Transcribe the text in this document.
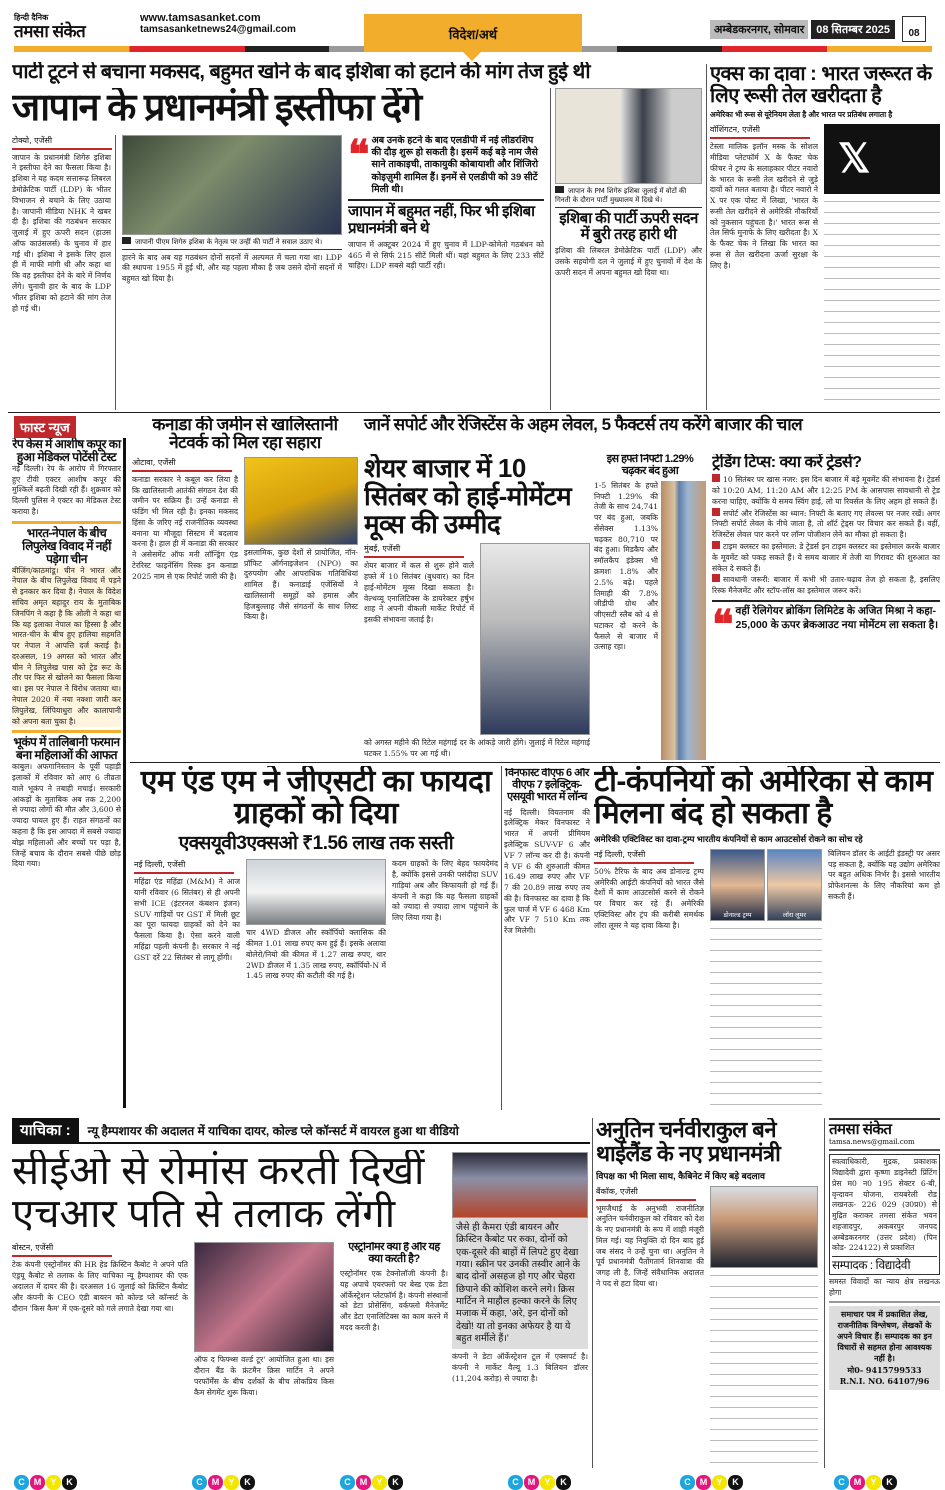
हिन्दी दैनिक
तमसा संकेत
www.tamsasanket.com
tamsasanketnews24@gmail.com	विदेश/अर्थ	अम्बेडकरनगर, सोमवार	08 सितम्बर 2025	08
पार्टी टूटने से बचाना मकसद, बहुमत खोने के बाद इशिबा को हटाने की मांग तेज हुई थी
जापान के प्रधानमंत्री इस्तीफा देंगे
टोक्यो, एजेंसी
जापान के प्रधानमंत्री शिगेरु इशिबा ने इस्तीफा देने का फैसला किया है। इशिबा ने यह कदम सत्तारूढ़ लिबरल डेमोक्रेटिक पार्टी (LDP) के भीतर विभाजन से बचाने के लिए उठाया है। जापानी मीडिया NHK ने खबर दी है। इशिबा की गठबंधन सरकार जुलाई में हुए ऊपरी सदन (हाउस ऑफ काउंसलर्स) के चुनाव में हार गई थी। इशिबा ने इसके लिए हाल ही में माफी मांगी थी और कहा था कि वह इस्तीफा देने के बारे में निर्णय लेंगे। चुनावी हार के बाद के LDP भीतर इशिबा को हटाने की मांग तेज हो गई थी।
जापानी पीएम शिगेरु इशिबा के नेतृत्व पर उन्हीं की पार्टी ने सवाल उठाए थे।
हारने के बाद अब यह गठबंधन दोनों सदनों में अल्पमत में चला गया था। LDP की स्थापना 1955 में हुई थी, और यह पहला मौका है जब उसने दोनों सदनों में बहुमत खो दिया है।
❝ अब उनके हटने के बाद एलडीपी में नई लीडरशिप की दौड़ शुरू हो सकती है। इसमें कई बड़े नाम जैसे साने ताकाइची, ताकायुकी कोबायाशी और शिंजिरो कोइज़ुमी शामिल हैं। इनमें से एलडीपी को 39 सीटें मिली थी।
जापान में बहुमत नहीं, फिर भी इशिबा प्रधानमंत्री बने थे
जापान में अक्टूबर 2024 में हुए चुनाव में LDP-कोमेतो गठबंधन को 465 में से सिर्फ 215 सीटें मिली थीं। यहां बहुमत के लिए 233 सीटें चाहिए। LDP सबसे बड़ी पार्टी रही।
जापान के PM शिगेरु इशिबा जुलाई में वोटों की गिनती के दौरान पार्टी मुख्यालय में दिखे थे।
इशिबा की पार्टी ऊपरी सदन में बुरी तरह हारी थी
इशिबा की लिबरल डेमोक्रेटिक पार्टी (LDP) और उसके सहयोगी दल ने जुलाई में हुए चुनावों में देश के ऊपरी सदन में अपना बहुमत खो दिया था।
एक्स का दावा : भारत जरूरत के लिए रूसी तेल खरीदता है
अमेरिका भी रूस से यूरेनियम लेता है और भारत पर प्रतिबंध लगाता है
वॉशिंगटन, एजेंसी
टेस्ला मालिक इलॉन मस्क के सोशल मीडिया प्लेटफॉर्म X के फैक्ट चेक फीचर ने ट्रम्प के सलाहकार पीटर नवारो के भारत के रूसी तेल खरीदने से जुड़े दावों को गलत बताया है। पीटर नवारो ने X पर एक पोस्ट में लिखा, 'भारत के रूसी तेल खरीदने से अमेरिकी नौकरियों को नुकसान पहुंचता है।' भारत रूस से तेल सिर्फ मुनाफे के लिए खरीदता है। X के फैक्ट चेक ने लिखा कि भारत का रूस से तेल खरीदना ऊर्जा सुरक्षा के लिए है।
𝕏
फास्ट न्यूज
रेप केस में आशीष कपूर का हुआ मेडिकल पोटेंसी टेस्ट
नई दिल्ली। रेप के आरोप में गिरफ्तार हुए टीवी एक्टर आशीष कपूर की मुश्किलें बढ़ती दिखी रही हैं। शुक्रवार को दिल्ली पुलिस ने एक्टर का मेडिकल टेस्ट कराया है।
भारत-नेपाल के बीच लिपुलेख विवाद में नहीं पड़ेगा चीन
बीजिंग/काठमांडू। चीन ने भारत और नेपाल के बीच लिपुलेख विवाद में पड़ने से इनकार कर दिया है। नेपाल के विदेश सचिव अमृत बहादुर राय के मुताबिक जिनपिंग ने कहा है कि ओली ने कहा था कि यह इलाका नेपाल का हिस्सा है और भारत-चीन के बीच हुए हालिया सहमति पर नेपाल ने आपत्ति दर्ज कराई है। दरअसल, 19 अगस्त को भारत और चीन ने लिपुलेख पास को ट्रेड रूट के तौर पर फिर से खोलने का फैसला किया था। इस पर नेपाल ने विरोध जताया था। नेपाल 2020 में नया नक्शा जारी कर लिपुलेख, लिंपियाधुरा और कालापानी को अपना बता चुका है।
भूकंप में तालिबानी फरमान बना महिलाओं की आफत
काबुल। अफगानिस्तान के पूर्वी पहाड़ी इलाकों में रविवार को आए 6 तीव्रता वाले भूकंप ने तबाही मचाई। सरकारी आंकड़ों के मुताबिक अब तक 2,200 से ज्यादा लोगों की मौत और 3,600 से ज्यादा घायल हुए हैं। राहत संगठनों का कहना है कि इस आपदा में सबसे ज्यादा बोझ महिलाओं और बच्चों पर पड़ा है, जिन्हें बचाव के दौरान सबसे पीछे छोड़ दिया गया।
कनाडा की जमीन से खालिस्तानी नेटवर्क को मिल रहा सहारा
ओटावा, एजेंसी
कनाडा सरकार ने कबूल कर लिया है कि खालिस्तानी आतंकी संगठन देश की जमीन पर सक्रिय हैं। उन्हें कनाडा से फंडिंग भी मिल रही है। इनका मकसद हिंसा के जरिए नई राजनीतिक व्यवस्था बनाना या मौजूदा सिस्टम में बदलाव करना है। हाल ही में कनाडा की सरकार ने असेसमेंट ऑफ मनी लॉन्ड्रिंग एंड टेररिस्ट फाइनेंसिंग रिस्क इन कनाडा 2025 नाम से एक रिपोर्ट जारी की है।
इसलामिक, कुछ देशों से प्रायोजित, नॉन-प्रॉफिट ऑर्गनाइजेशन (NPO) का दुरुपयोग और आपराधिक गतिविधियां शामिल हैं। कनाडाई एजेंसियों ने खालिस्तानी समूहों को हमास और हिजबुल्लाह जैसे संगठनों के साथ लिस्ट किया है।
जानें सपोर्ट और रेजिस्टेंस के अहम लेवल, 5 फैक्टर्स तय करेंगे बाजार की चाल
शेयर बाजार में 10 सितंबर को हाई-मोमेंटम मूव्स की उम्मीद
मुंबई, एजेंसी
शेयर बाजार में कल से शुरू होने वाले हफ्ते में 10 सितंबर (बुधवार) का दिन हाई-मोमेंटम मूव्स दिखा सकता है। वेल्थव्यू एनालिटिक्स के डायरेक्टर हर्षुभ शाह ने अपनी वीकली मार्केट रिपोर्ट में इसकी संभावना जताई है।
को अगस्त महीने की रिटेल महंगाई दर के आंकड़े जारी होंगे। जुलाई में रिटेल महंगाई घटकर 1.55% पर आ गई थी।
इस हफ्ते निफ्टी 1.29% चढ़कर बंद हुआ
1-5 सितंबर के हफ्ते निफ्टी 1.29% की तेजी के साथ 24,741 पर बंद हुआ, जबकि सेंसेक्स 1.13% चढ़कर 80,710 पर बंद हुआ। मिडकैप और स्मॉलकैप इंडेक्स भी क्रमशः 1.8% और 2.5% बढ़े। पहले तिमाही की 7.8% जीडीपी ग्रोथ और जीएसटी स्लैब को 4 से घटाकर दो करने के फैसले से बाजार में उत्साह रहा।
ट्रेडिंग टिप्स: क्या करें ट्रेडर्स?
10 सितंबर पर खास नजर: इस दिन बाजार में बड़े मूवमेंट की संभावना है। ट्रेडर्स को 10:20 AM, 11:20 AM और 12:25 PM के आसपास सावधानी से ट्रेड करना चाहिए, क्योंकि ये समय स्विंग हाई, लो या रिवर्सल के लिए अहम हो सकते हैं।
सपोर्ट और रेजिस्टेंस का ध्यान: निफ्टी के बताए गए लेवल्स पर नजर रखें। अगर निफ्टी सपोर्ट लेवल के नीचे जाता है, तो शॉर्ट ट्रेड्स पर विचार कर सकते हैं। वहीं, रेजिस्टेंस लेवल पार करने पर लॉन्ग पोजीशन लेने का मौका हो सकता है।
टाइम क्लस्टर का इस्तेमाल: डे ट्रेडर्स इन टाइम क्लस्टर का इस्तेमाल करके बाजार के मूवमेंट को पकड़ सकते हैं। ये समय बाजार में तेजी या गिरावट की शुरुआत का संकेत दे सकते हैं।
सावधानी जरूरी: बाजार में कभी भी उतार-चढ़ाव तेज हो सकता है, इसलिए रिस्क मैनेजमेंट और स्टॉप-लॉस का इस्तेमाल जरूर करें।
❝ वहीं रेलिगेयर ब्रोकिंग लिमिटेड के अजित मिश्रा ने कहा- 25,000 के ऊपर ब्रेकआउट नया मोमेंटम ला सकता है।
एम एंड एम ने जीएसटी का फायदा ग्राहकों को दिया
एक्सयूवी3एक्सओ ₹1.56 लाख तक सस्ती
नई दिल्ली, एजेंसी
महिंद्रा एंड महिंद्रा (M&M) ने आज यानी रविवार (6 सितंबर) से ही अपनी सभी ICE (इंटरनल कंबशन इंजन) SUV गाड़ियों पर GST में मिली छूट का पूरा फायदा ग्राहकों को देने का फैसला किया है। ऐसा करने वाली महिंद्रा पहली कंपनी है। सरकार ने नई GST दरें 22 सितंबर से लागू होंगी।
चार 4WD डीजल और स्कॉर्पियो क्लासिक की कीमत 1.01 लाख रुपए कम हुई हैं। इसके अलावा बोलेरो/नियो की कीमत में 1.27 लाख रुपए, थार 2WD डीजल में 1.35 लाख रुपए, स्कॉर्पियो-N में 1.45 लाख रुपए की कटौती की गई है।
कदम ग्राहकों के लिए बेहद फायदेमंद है, क्योंकि इससे उनकी पसंदीदा SUV गाड़ियां अब और किफायती हो गई हैं। कंपनी ने कहा कि यह फैसला ग्राहकों को ज्यादा से ज्यादा लाभ पहुंचाने के लिए लिया गया है।
विनफास्ट वीएफ 6 और वीएफ 7 इलेक्ट्रिक-एसयूवी भारत में लॉन्च
नई दिल्ली। वियतनाम की इलेक्ट्रिक मेकर विनफास्ट ने भारत में अपनी प्रीमियम इलेक्ट्रिक SUV-VF 6 और VF 7 लॉन्च कर दी है। कंपनी ने VF 6 की शुरुआती कीमत 16.49 लाख रुपए और VF 7 की 20.89 लाख रुपए तय की है। विनफास्ट का दावा है कि फुल चार्ज में VF 6 468 Km और VF 7 510 Km तक रेंज मिलेगी।
टी-कंपनियों को अमेरिका से काम मिलना बंद हो सकता है
अमेरिकी एक्टिविस्ट का दावा-ट्रम्प भारतीय कंपनियों से काम आउटसोर्स रोकने का सोच रहे
नई दिल्ली, एजेंसी
50% टैरिफ के बाद अब डोनाल्ड ट्रम्प अमेरिकी आईटी कंपनियों को भारत जैसे देशों में काम आउटसोर्स करने से रोकने पर विचार कर रहे हैं। अमेरिकी एक्टिविस्ट और ट्रंप की करीबी समर्थक लॉरा लूमर ने यह दावा किया है।
डोनाल्ड ट्रम्प	लॉरा लूमर
बिलियन डॉलर के आईटी इंडस्ट्री पर असर पड़ सकता है, क्योंकि यह उद्योग अमेरिका पर बहुत अधिक निर्भर है। इससे भारतीय प्रोफेशनल्स के लिए नौकरियां कम हो सकती हैं।
याचिका : न्यू हैम्पशायर की अदालत में याचिका दायर, कोल्ड प्ले कॉन्सर्ट में वायरल हुआ था वीडियो
सीईओ से रोमांस करती दिखीं एचआर पति से तलाक लेंगी
बोस्टन, एजेंसी
टेक कंपनी एस्ट्रोनॉमर की HR हेड क्रिस्टिन कैबोट ने अपने पति एंड्रयू कैबोट से तलाक के लिए याचिका न्यू हैम्पशायर की एक अदालत में दायर की है। दरअसल 16 जुलाई को क्रिस्टिन कैबोट और कंपनी के CEO एंडी बायरन को कोल्ड प्ले कॉन्सर्ट के दौरान 'किस कैम' में एक-दूसरे को गले लगाते देखा गया था।
ऑफ द फिफ्थ्स वर्ल्ड टूर' आयोजित हुआ था। इस दौरान बैंड के फ्रंटमैन क्रिस मार्टिन ने अपने परफॉर्मेंस के बीच दर्शकों के बीच लोकप्रिय किस कैम सेगमेंट शुरू किया।
एस्ट्रोनॉमर क्या है और यह क्या करती है?
एस्ट्रोनॉमर एक टेक्नोलॉजी कंपनी है। यह अपाचे एयरफ्लो पर बेस्ड एक डेटा ऑर्केस्ट्रेशन प्लेटफॉर्म है। कंपनी संस्थानों को डेटा प्रोसेसिंग, वर्कफ्लो मैनेजमेंट और डेटा एनालिटिक्स का काम करने में मदद करती है।
जैसे ही कैमरा एंडी बायरन और क्रिस्टिन कैबोट पर रुका, दोनों को एक-दूसरे की बाहों में लिपटे हुए देखा गया। स्क्रीन पर उनकी तस्वीर आने के बाद दोनों असहज हो गए और चेहरा छिपाने की कोशिश करने लगे। क्रिस मार्टिन ने माहौल हल्का करने के लिए मजाक में कहा, 'अरे, इन दोनों को देखो! या तो इनका अफेयर है या ये बहुत शर्मीले हैं।'
कंपनी ने डेटा ऑर्केस्ट्रेशन टूल में एक्सपर्ट है। कंपनी ने मार्केट वैल्यू 1.3 बिलियन डॉलर (11,204 करोड़) से ज्यादा है।
अनुतिन चर्नवीराकुल बने थाईलैंड के नए प्रधानमंत्री
विपक्ष का भी मिला साथ, कैबिनेट में किए बड़े बदलाव
बैंकॉक, एजेंसी
भूमजैथाई के अनुभवी राजनीतिज्ञ अनुतिन चर्नवीराकुल को रविवार को देश के नए प्रधानमंत्री के रूप में शाही मंजूरी मिल गई। यह नियुक्ति दो दिन बाद हुई जब संसद ने उन्हें चुना था। अनुतिन ने पूर्व प्रधानमंत्री पैतोंगतार्न शिनवात्रा की जगह ली है, जिन्हें संवैधानिक अदालत ने पद से हटा दिया था।
तमसा संकेत
tamsa.news@gmail.com
स्वत्वाधिकारी, मुद्रक, प्रकाशक विद्यादेवी द्वारा कृष्णा डाइनेस्टी प्रिंटिंग प्रेस म0 न0 195 सेक्टर 6-बी, वृन्दावन योजना, रायबरेली रोड लखनऊ- 226 029 (उ0प्र0) से मुद्रित कराकर तमसा संकेत भवन शहजादपुर, अकबरपुर जनपद अम्बेडकरनगर (उत्तर प्रदेश) (पिन कोड- 224122) से प्रकाशित
सम्पादक : विद्यादेवी
समस्त विवादों का न्याय क्षेत्र लखनऊ होगा
समाचार पत्र में प्रकाशित लेख, राजनीतिक विश्लेषण, लेखकों के अपने विचार हैं। सम्पादक का इन विचारों से सहमत होना आवश्यक नहीं है।
मो0- 9415799533
R.N.I. NO. 64107/96
C M Y K	C M Y K	C M Y K	C M Y K	C M Y K	C M Y K
